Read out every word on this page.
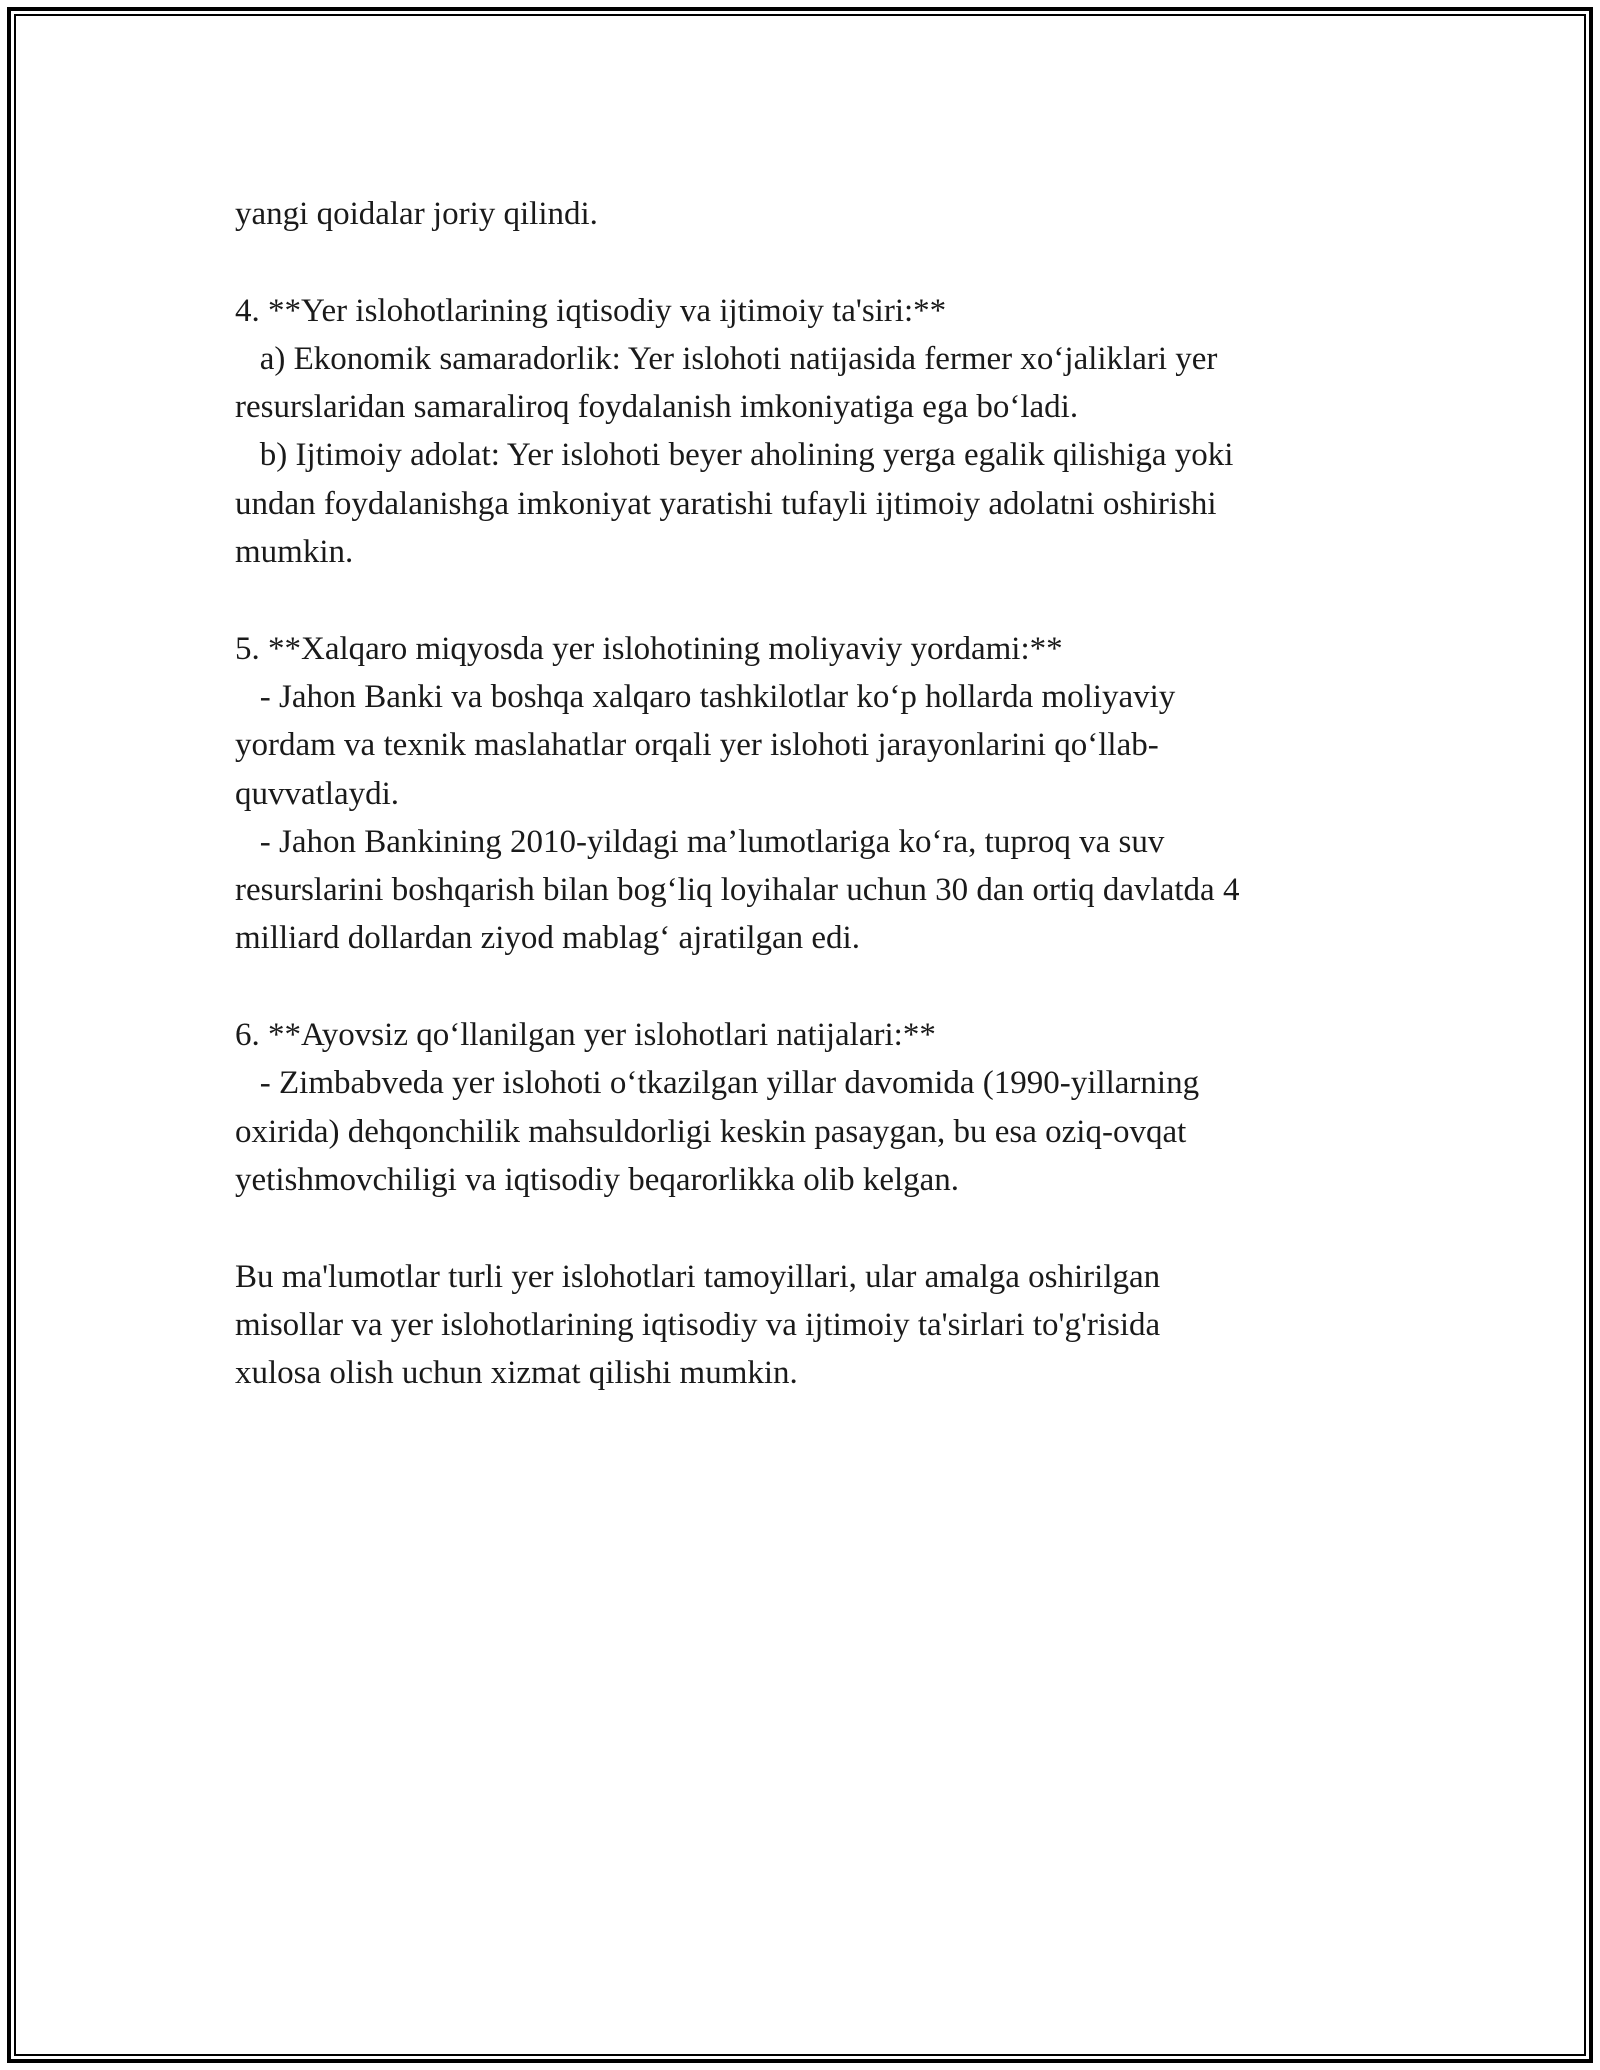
yangi qoidalar joriy qilindi.
4. **Yer islohotlarining iqtisodiy va ijtimoiy ta'siri:**
a) Ekonomik samaradorlik: Yer islohoti natijasida fermer xo‘jaliklari yer
resurslaridan samaraliroq foydalanish imkoniyatiga ega bo‘ladi.
b) Ijtimoiy adolat: Yer islohoti beyer aholining yerga egalik qilishiga yoki
undan foydalanishga imkoniyat yaratishi tufayli ijtimoiy adolatni oshirishi
mumkin.
5. **Xalqaro miqyosda yer islohotining moliyaviy yordami:**
- Jahon Banki va boshqa xalqaro tashkilotlar ko‘p hollarda moliyaviy
yordam va texnik maslahatlar orqali yer islohoti jarayonlarini qo‘llab-
quvvatlaydi.
- Jahon Bankining 2010-yildagi ma’lumotlariga ko‘ra, tuproq va suv
resurslarini boshqarish bilan bog‘liq loyihalar uchun 30 dan ortiq davlatda 4
milliard dollardan ziyod mablag‘ ajratilgan edi.
6. **Ayovsiz qo‘llanilgan yer islohotlari natijalari:**
- Zimbabveda yer islohoti o‘tkazilgan yillar davomida (1990-yillarning
oxirida) dehqonchilik mahsuldorligi keskin pasaygan, bu esa oziq-ovqat
yetishmovchiligi va iqtisodiy beqarorlikka olib kelgan.
Bu ma'lumotlar turli yer islohotlari tamoyillari, ular amalga oshirilgan
misollar va yer islohotlarining iqtisodiy va ijtimoiy ta'sirlari to'g'risida
xulosa olish uchun xizmat qilishi mumkin.
